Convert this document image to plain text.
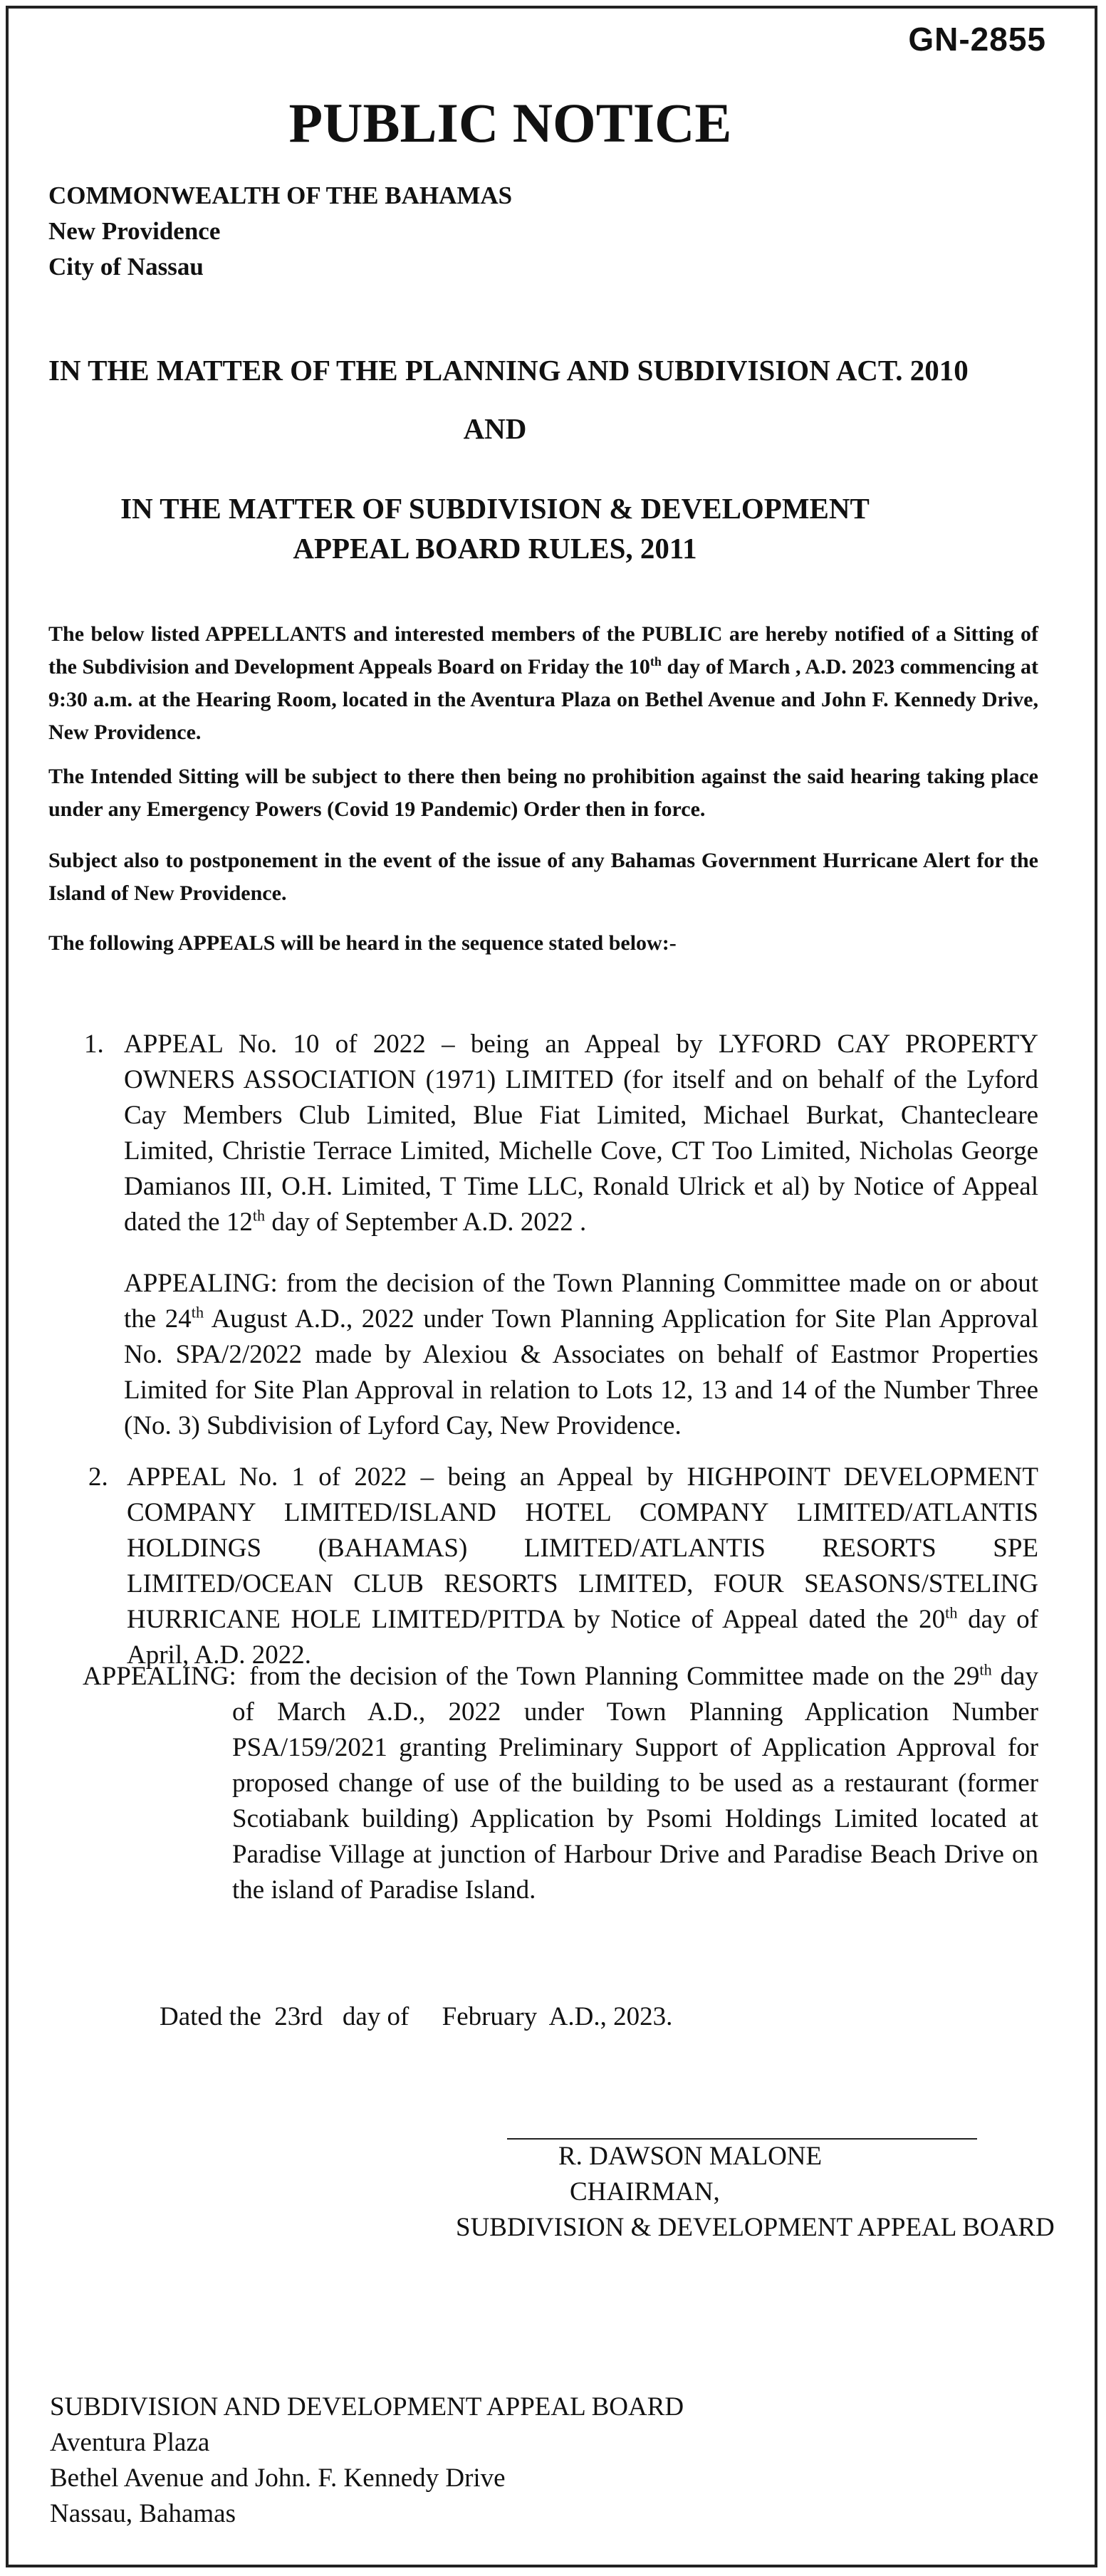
GN-2855
PUBLIC NOTICE
COMMONWEALTH OF THE BAHAMAS
New Providence
City of Nassau
IN THE MATTER OF THE PLANNING AND SUBDIVISION ACT. 2010
AND
IN THE MATTER OF SUBDIVISION & DEVELOPMENT
APPEAL BOARD RULES, 2011
The below listed APPELLANTS and interested members of the PUBLIC are hereby notified of a Sitting of the Subdivision and Development Appeals Board on Friday the 10th day of March , A.D. 2023 commencing at 9:30 a.m. at the Hearing Room, located in the Aventura Plaza on Bethel Avenue and John F. Kennedy Drive, New Providence.
The Intended Sitting will be subject to there then being no prohibition against the said hearing taking place under any Emergency Powers (Covid 19 Pandemic) Order then in force.
Subject also to postponement in the event of the issue of any Bahamas Government Hurricane Alert for the Island of New Providence.
The following APPEALS will be heard in the sequence stated below:-
1. APPEAL No. 10 of 2022 – being an Appeal by LYFORD CAY PROPERTY OWNERS ASSOCIATION (1971) LIMITED (for itself and on behalf of the Lyford Cay Members Club Limited, Blue Fiat Limited, Michael Burkat, Chantecleare Limited, Christie Terrace Limited, Michelle Cove, CT Too Limited, Nicholas George Damianos III, O.H. Limited, T Time LLC, Ronald Ulrick et al) by Notice of Appeal dated the 12th day of September A.D. 2022 .
APPEALING: from the decision of the Town Planning Committee made on or about the 24th August A.D., 2022 under Town Planning Application for Site Plan Approval No. SPA/2/2022 made by Alexiou & Associates on behalf of Eastmor Properties Limited for Site Plan Approval in relation to Lots 12, 13 and 14 of the Number Three (No. 3) Subdivision of Lyford Cay, New Providence.
2. APPEAL No. 1 of 2022 – being an Appeal by HIGHPOINT DEVELOPMENT COMPANY LIMITED/ISLAND HOTEL COMPANY LIMITED/ATLANTIS HOLDINGS (BAHAMAS) LIMITED/ATLANTIS RESORTS SPE LIMITED/OCEAN CLUB RESORTS LIMITED, FOUR SEASONS/STELING HURRICANE HOLE LIMITED/PITDA by Notice of Appeal dated the 20th day of April, A.D. 2022.
APPEALING: from the decision of the Town Planning Committee made on the 29th day of March A.D., 2022 under Town Planning Application Number PSA/159/2021 granting Preliminary Support of Application Approval for proposed change of use of the building to be used as a restaurant (former Scotiabank building) Application by Psomi Holdings Limited located at Paradise Village at junction of Harbour Drive and Paradise Beach Drive on the island of Paradise Island.
Dated the  23rd   day of     February  A.D., 2023.
R. DAWSON MALONE
CHAIRMAN,
SUBDIVISION & DEVELOPMENT APPEAL BOARD
SUBDIVISION AND DEVELOPMENT APPEAL BOARD
Aventura Plaza
Bethel Avenue and John. F. Kennedy Drive
Nassau, Bahamas
